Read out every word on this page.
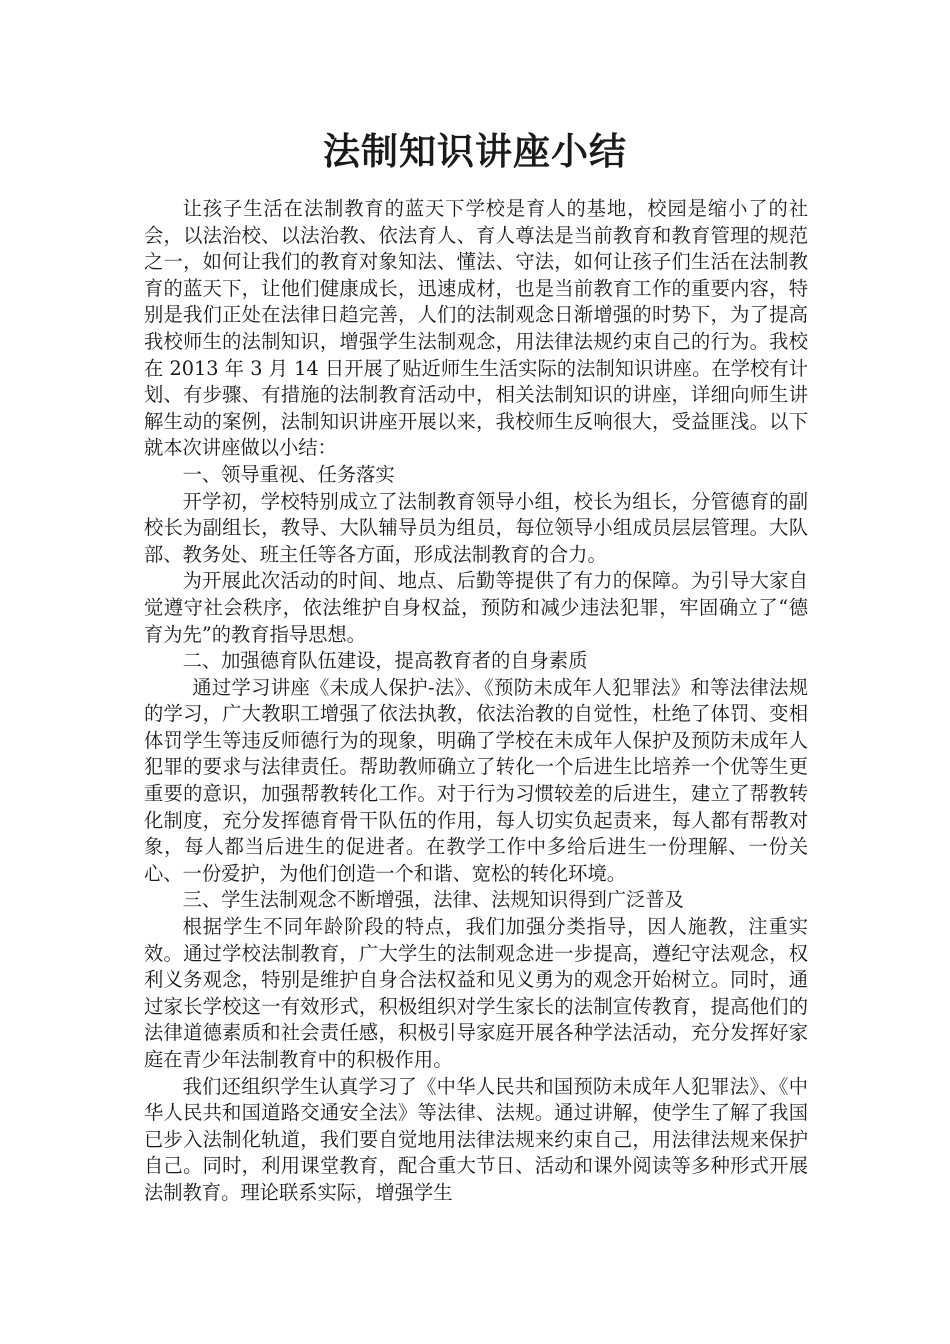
法制知识讲座小结

让孩子生活在法制教育的蓝天下学校是育人的基地，校园是缩小了的社会，以法治校、以法治教、依法育人、育人尊法是当前教育和教育管理的规范之一，如何让我们的教育对象知法、懂法、守法，如何让孩子们生活在法制教育的蓝天下，让他们健康成长，迅速成材，也是当前教育工作的重要内容，特别是我们正处在法律日趋完善，人们的法制观念日渐增强的时势下，为了提高我校师生的法制知识，增强学生法制观念，用法律法规约束自己的行为。我校在 2013 年 3 月 14 日开展了贴近师生生活实际的法制知识讲座。在学校有计划、有步骤、有措施的法制教育活动中，相关法制知识的讲座，详细向师生讲解生动的案例，法制知识讲座开展以来，我校师生反响很大，受益匪浅。以下就本次讲座做以小结：

一、领导重视、任务落实

开学初，学校特别成立了法制教育领导小组，校长为组长，分管德育的副校长为副组长，教导、大队辅导员为组员，每位领导小组成员层层管理。大队部、教务处、班主任等各方面，形成法制教育的合力。

为开展此次活动的时间、地点、后勤等提供了有力的保障。为引导大家自觉遵守社会秩序，依法维护自身权益，预防和减少违法犯罪，牢固确立了“德育为先”的教育指导思想。

二、加强德育队伍建设，提高教育者的自身素质

通过学习讲座《未成人保护-法》、《预防未成年人犯罪法》和等法律法规的学习，广大教职工增强了依法执教，依法治教的自觉性，杜绝了体罚、变相体罚学生等违反师德行为的现象，明确了学校在未成年人保护及预防未成年人犯罪的要求与法律责任。帮助教师确立了转化一个后进生比培养一个优等生更重要的意识，加强帮教转化工作。对于行为习惯较差的后进生，建立了帮教转化制度，充分发挥德育骨干队伍的作用，每人切实负起责来，每人都有帮教对象，每人都当后进生的促进者。在教学工作中多给后进生一份理解、一份关心、一份爱护，为他们创造一个和谐、宽松的转化环境。

三、学生法制观念不断增强，法律、法规知识得到广泛普及

根据学生不同年龄阶段的特点，我们加强分类指导，因人施教，注重实效。通过学校法制教育，广大学生的法制观念进一步提高，遵纪守法观念，权利义务观念，特别是维护自身合法权益和见义勇为的观念开始树立。同时，通过家长学校这一有效形式，积极组织对学生家长的法制宣传教育，提高他们的法律道德素质和社会责任感，积极引导家庭开展各种学法活动，充分发挥好家庭在青少年法制教育中的积极作用。

我们还组织学生认真学习了《中华人民共和国预防未成年人犯罪法》、《中华人民共和国道路交通安全法》等法律、法规。通过讲解，使学生了解了我国已步入法制化轨道，我们要自觉地用法律法规来约束自己，用法律法规来保护自己。同时，利用课堂教育，配合重大节日、活动和课外阅读等多种形式开展法制教育。理论联系实际，增强学生
